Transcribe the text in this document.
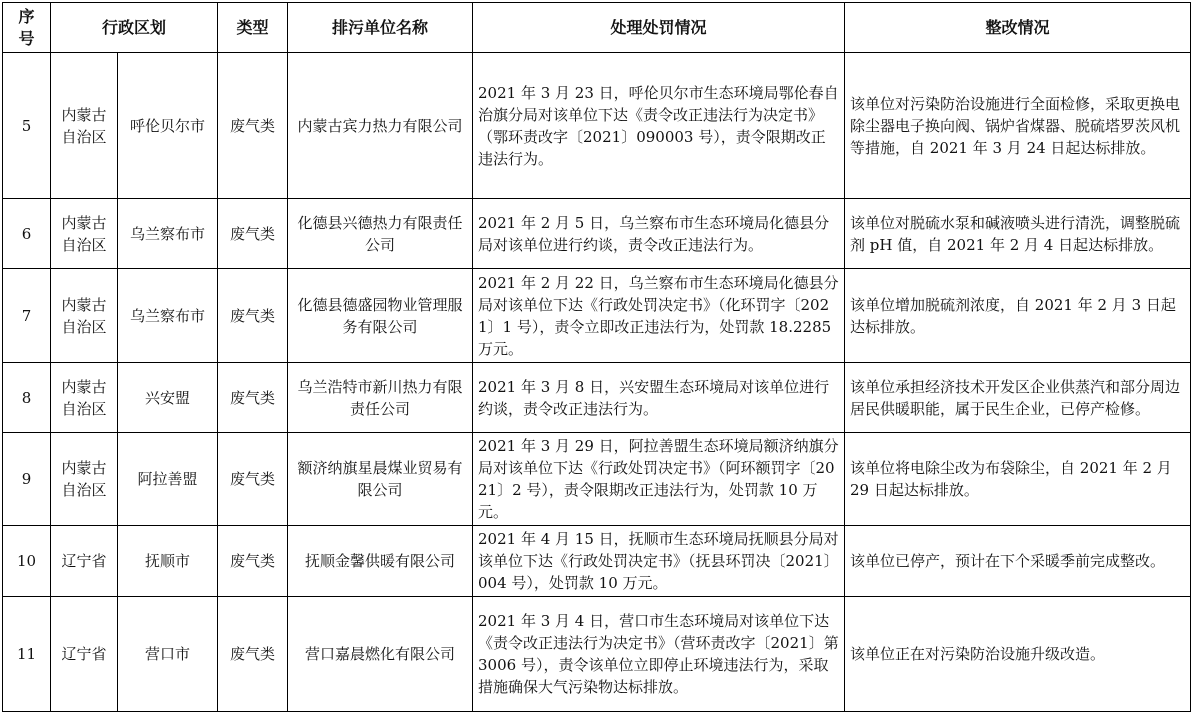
序号	行政区划		类型	排污单位名称	处理处罚情况	整改情况
5	内蒙古自治区	呼伦贝尔市	废气类	内蒙古宾力热力有限公司	2021 年 3 月 23 日，呼伦贝尔市生态环境局鄂伦春自治旗分局对该单位下达《责令改正违法行为决定书》（鄂环责改字〔2021〕090003 号），责令限期改正违法行为。	该单位对污染防治设施进行全面检修，采取更换电除尘器电子换向阀、锅炉省煤器、脱硫塔罗茨风机等措施，自 2021 年 3 月 24 日起达标排放。
6	内蒙古自治区	乌兰察布市	废气类	化德县兴德热力有限责任公司	2021 年 2 月 5 日，乌兰察布市生态环境局化德县分局对该单位进行约谈，责令改正违法行为。	该单位对脱硫水泵和碱液喷头进行清洗，调整脱硫剂 pH 值，自 2021 年 2 月 4 日起达标排放。
7	内蒙古自治区	乌兰察布市	废气类	化德县德盛园物业管理服务有限公司	2021 年 2 月 22 日，乌兰察布市生态环境局化德县分局对该单位下达《行政处罚决定书》（化环罚字〔2021〕1 号），责令立即改正违法行为，处罚款 18.2285 万元。	该单位增加脱硫剂浓度，自 2021 年 2 月 3 日起达标排放。
8	内蒙古自治区	兴安盟	废气类	乌兰浩特市新川热力有限责任公司	2021 年 3 月 8 日，兴安盟生态环境局对该单位进行约谈，责令改正违法行为。	该单位承担经济技术开发区企业供蒸汽和部分周边居民供暖职能，属于民生企业，已停产检修。
9	内蒙古自治区	阿拉善盟	废气类	额济纳旗星晨煤业贸易有限公司	2021 年 3 月 29 日，阿拉善盟生态环境局额济纳旗分局对该单位下达《行政处罚决定书》（阿环额罚字〔2021〕2 号），责令限期改正违法行为，处罚款 10 万元。	该单位将电除尘改为布袋除尘，自 2021 年 2 月 29 日起达标排放。
10	辽宁省	抚顺市	废气类	抚顺金馨供暖有限公司	2021 年 4 月 15 日，抚顺市生态环境局抚顺县分局对该单位下达《行政处罚决定书》（抚县环罚决〔2021〕004 号），处罚款 10 万元。	该单位已停产，预计在下个采暖季前完成整改。
11	辽宁省	营口市	废气类	营口嘉晨燃化有限公司	2021 年 3 月 4 日，营口市生态环境局对该单位下达《责令改正违法行为决定书》（营环责改字〔2021〕第 3006 号），责令该单位立即停止环境违法行为，采取措施确保大气污染物达标排放。	该单位正在对污染防治设施升级改造。
